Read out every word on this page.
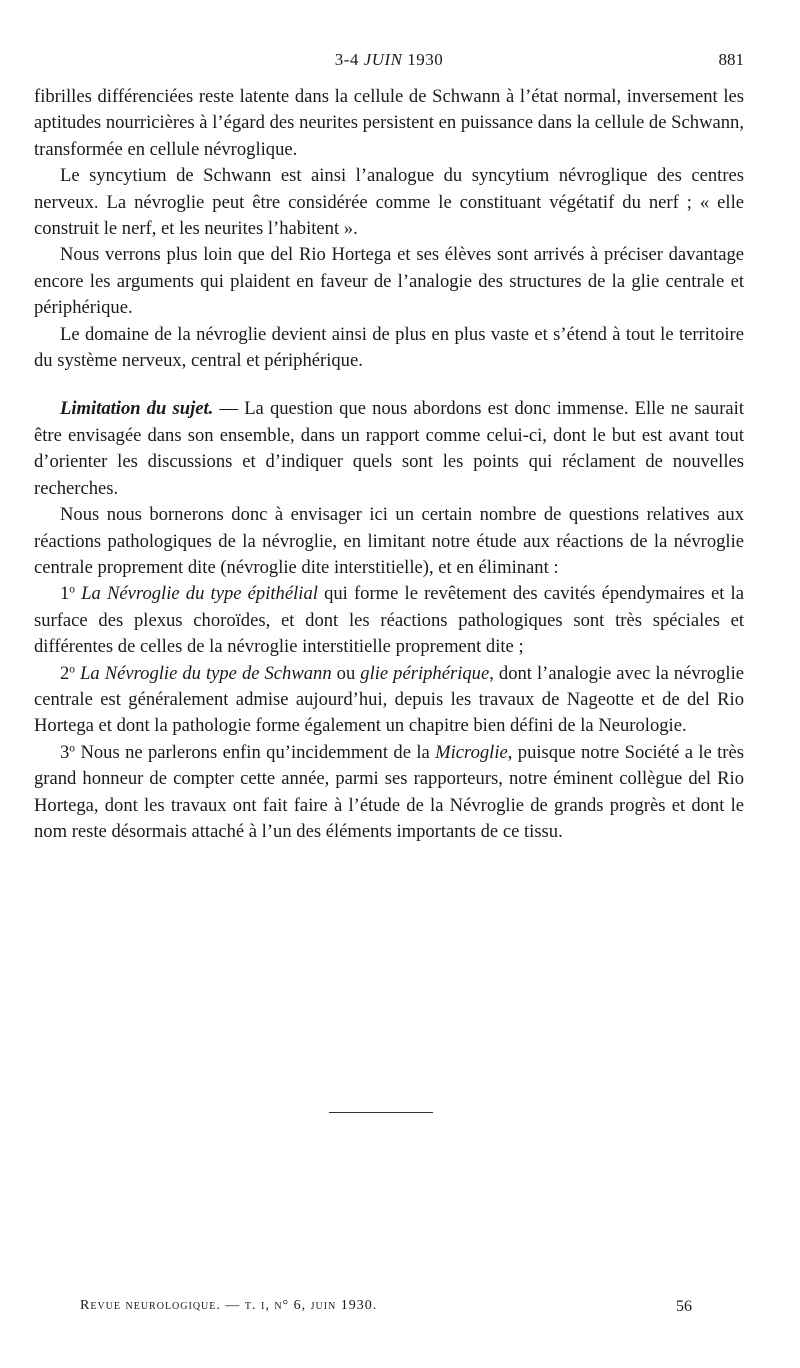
3-4 JUIN 1930	881

fibrilles différenciées reste latente dans la cellule de Schwann à l’état normal, inversement les aptitudes nourricières à l’égard des neurites persistent en puissance dans la cellule de Schwann, transformée en cellule névroglique.

Le syncytium de Schwann est ainsi l’analogue du syncytium névroglique des centres nerveux. La névroglie peut être considérée comme le constituant végétatif du nerf ; « elle construit le nerf, et les neurites l’habitent ».

Nous verrons plus loin que del Rio Hortega et ses élèves sont arrivés à préciser davantage encore les arguments qui plaident en faveur de l’analogie des structures de la glie centrale et périphérique.

Le domaine de la névroglie devient ainsi de plus en plus vaste et s’étend à tout le territoire du système nerveux, central et périphérique.

Limitation du sujet. — La question que nous abordons est donc immense. Elle ne saurait être envisagée dans son ensemble, dans un rapport comme celui-ci, dont le but est avant tout d’orienter les discussions et d’indiquer quels sont les points qui réclament de nouvelles recherches.

Nous nous bornerons donc à envisager ici un certain nombre de questions relatives aux réactions pathologiques de la névroglie, en limitant notre étude aux réactions de la névroglie centrale proprement dite (névroglie dite interstitielle), et en éliminant :

1$^o$ La Névroglie du type épithélial qui forme le revêtement des cavités épendymaires et la surface des plexus choroïdes, et dont les réactions pathologiques sont très spéciales et différentes de celles de la névroglie interstitielle proprement dite ;

2$^o$ La Névroglie du type de Schwann ou glie périphérique, dont l’analogie avec la névroglie centrale est généralement admise aujourd’hui, depuis les travaux de Nageotte et de del Rio Hortega et dont la pathologie forme également un chapitre bien défini de la Neurologie.

3$^o$ Nous ne parlerons enfin qu’incidemment de la Microglie, puisque notre Société a le très grand honneur de compter cette année, parmi ses rapporteurs, notre éminent collègue del Rio Hortega, dont les travaux ont fait faire à l’étude de la Névroglie de grands progrès et dont le nom reste désormais attaché à l’un des éléments importants de ce tissu.

Revue neurologique. — t. i, n° 6, juin 1930.	56
